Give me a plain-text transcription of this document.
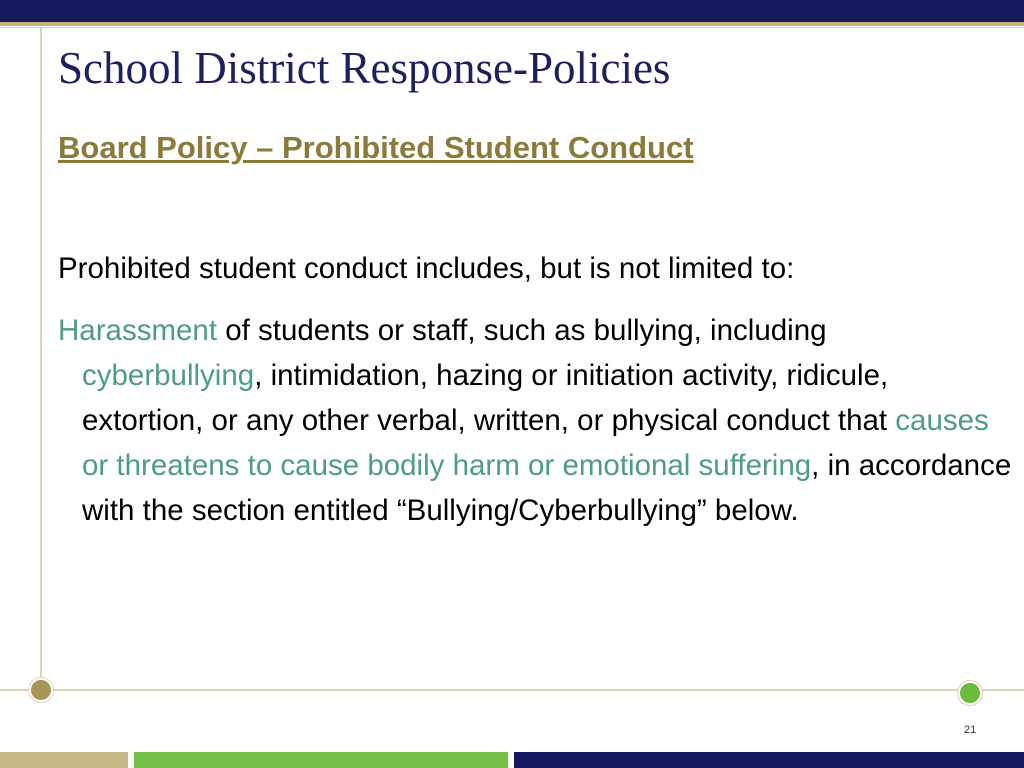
School District Response-Policies
Board Policy – Prohibited Student Conduct

Prohibited student conduct includes, but is not limited to:

Harassment of students or staff, such as bullying, including cyberbullying, intimidation, hazing or initiation activity, ridicule, extortion, or any other verbal, written, or physical conduct that causes or threatens to cause bodily harm or emotional suffering, in accordance with the section entitled “Bullying/Cyberbullying” below.

21
